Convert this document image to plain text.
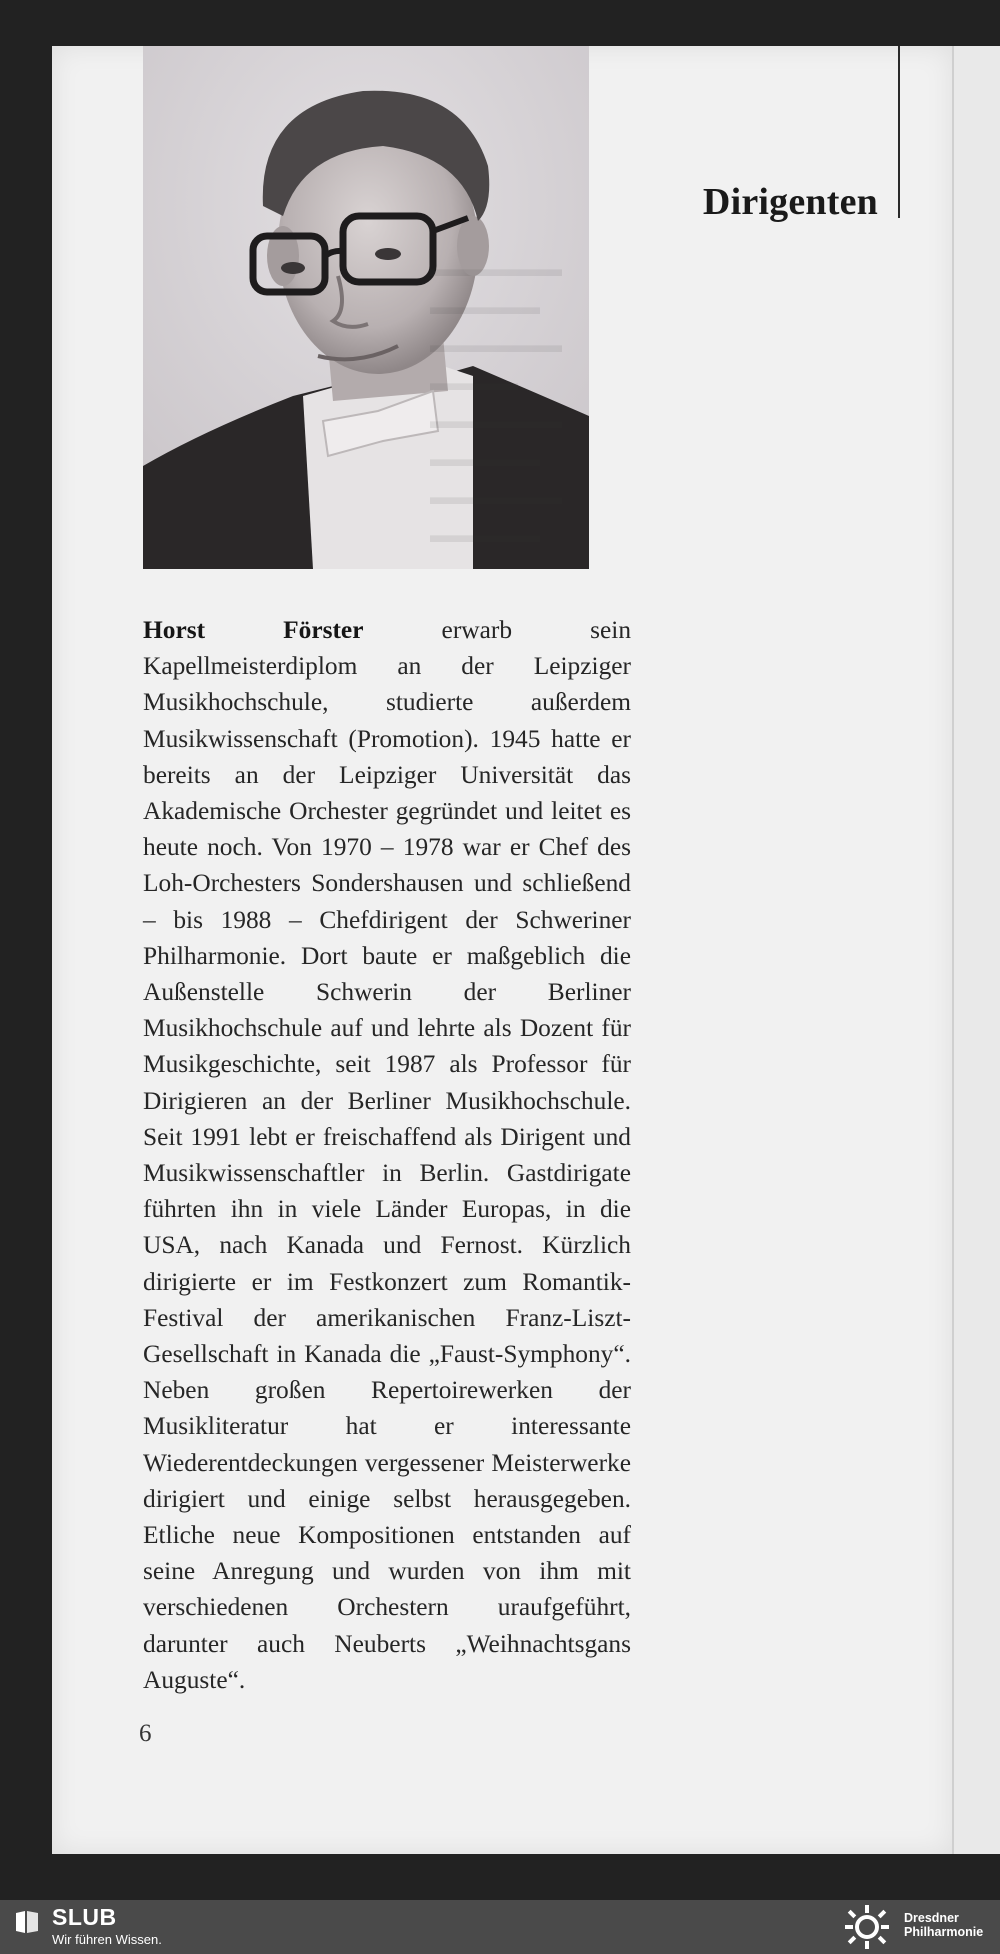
Dirigenten
Horst Förster erwarb sein Kapellmeisterdiplom an der Leipziger Musikhochschule, studierte außerdem Musikwissenschaft (Promotion). 1945 hatte er bereits an der Leipziger Universität das Akademische Orchester gegründet und leitet es heute noch. Von 1970 – 1978 war er Chef des Loh-Orchesters Sondershausen und schließend – bis 1988 – Chefdirigent der Schweriner Philharmonie. Dort baute er maßgeblich die Außenstelle Schwerin der Berliner Musikhochschule auf und lehrte als Dozent für Musikgeschichte, seit 1987 als Professor für Dirigieren an der Berliner Musikhochschule. Seit 1991 lebt er freischaffend als Dirigent und Musikwissenschaftler in Berlin. Gastdirigate führten ihn in viele Länder Europas, in die USA, nach Kanada und Fernost. Kürzlich dirigierte er im Festkonzert zum Romantik-Festival der amerikanischen Franz-Liszt-Gesellschaft in Kanada die „Faust-Symphony“. Neben großen Repertoirewerken der Musikliteratur hat er interessante Wiederentdeckungen vergessener Meisterwerke dirigiert und einige selbst herausgegeben. Etliche neue Kompositionen entstanden auf seine Anregung und wurden von ihm mit verschiedenen Orchestern uraufgeführt, darunter auch Neuberts „Weihnachtsgans Auguste“.
6
SLUB
Wir führen Wissen.
Dresdner
Philharmonie
